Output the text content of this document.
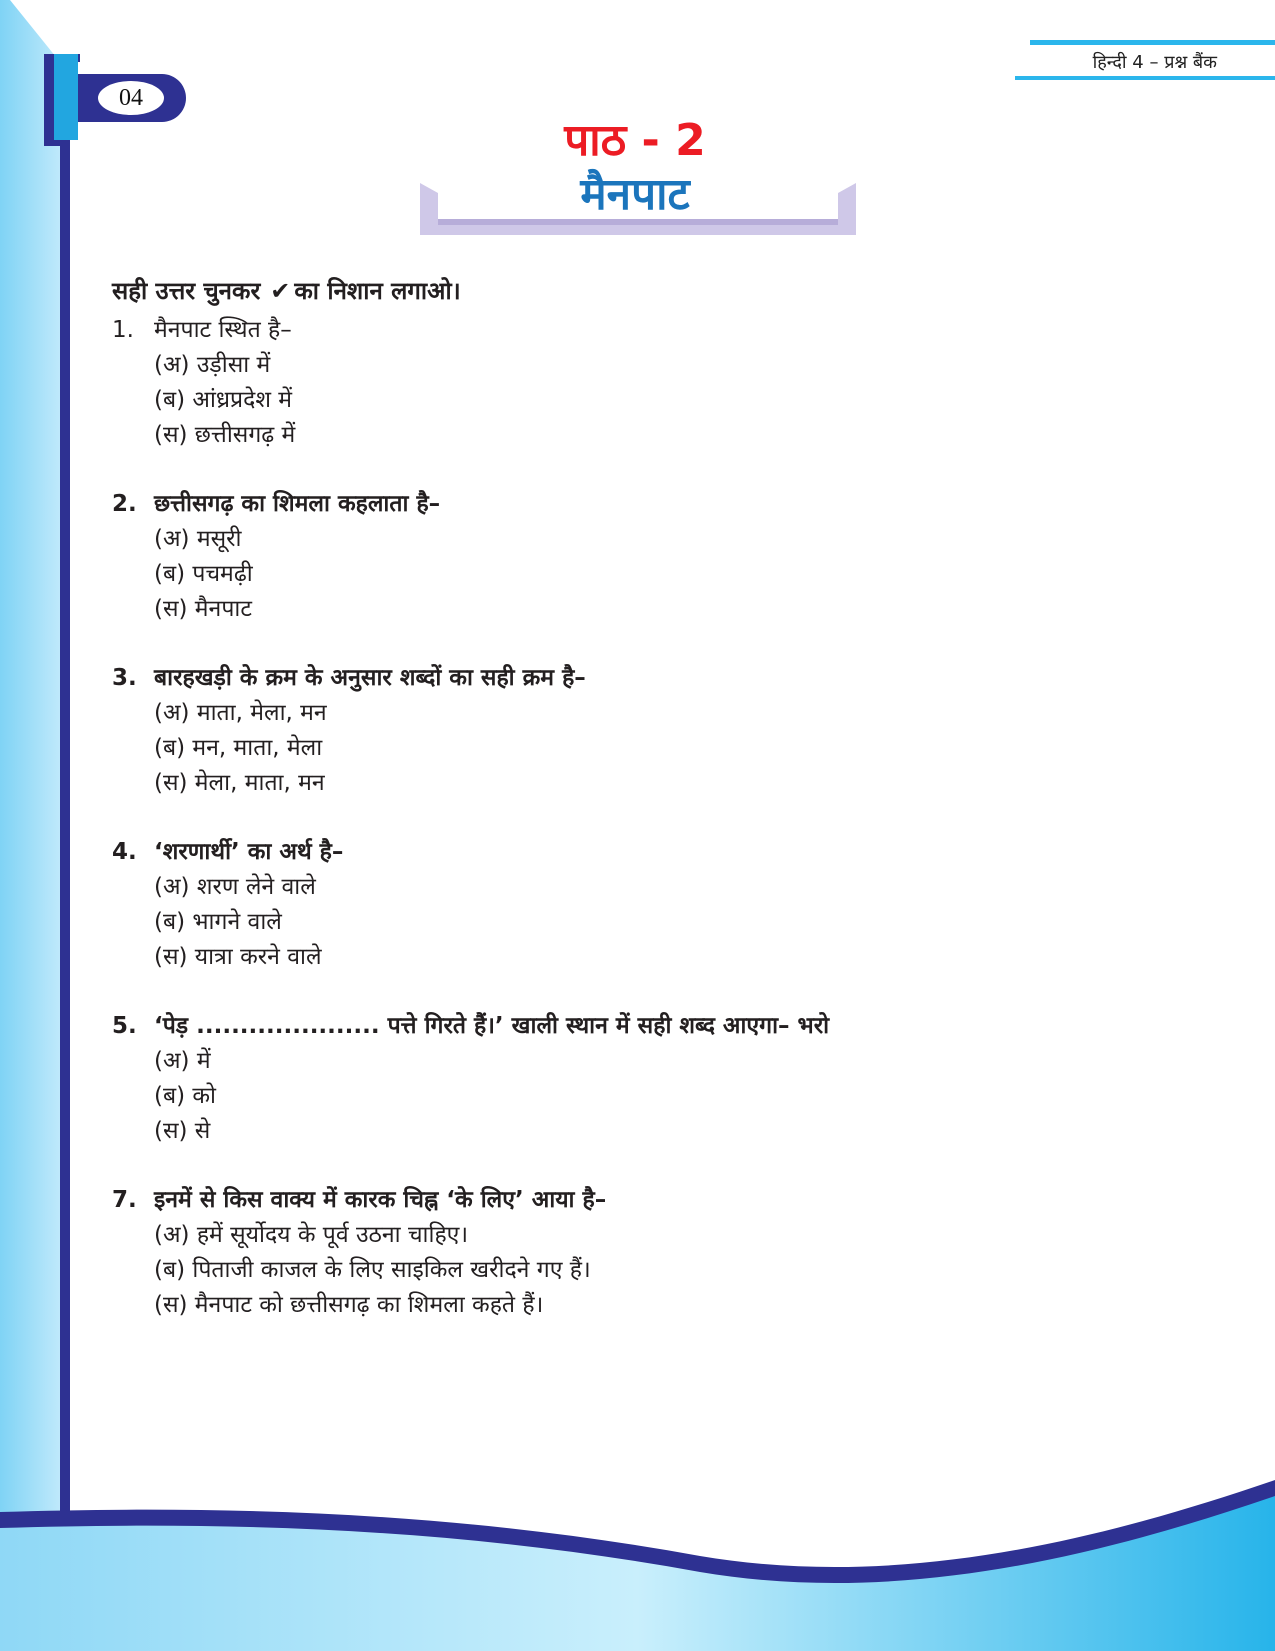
04
हिन्दी 4 – प्रश्न बैंक
पाठ - 2
मैनपाट
सही उत्तर चुनकर ✔ का निशान लगाओ।
1. मैनपाट स्थित है–
(अ) उड़ीसा में
(ब) आंध्रप्रदेश में
(स) छत्तीसगढ़ में
2. छत्तीसगढ़ का शिमला कहलाता है–
(अ) मसूरी
(ब) पचमढ़ी
(स) मैनपाट
3. बारहखड़ी के क्रम के अनुसार शब्दों का सही क्रम है–
(अ) माता, मेला, मन
(ब) मन, माता, मेला
(स) मेला, माता, मन
4. ‘शरणार्थी’ का अर्थ है–
(अ) शरण लेने वाले
(ब) भागने वाले
(स) यात्रा करने वाले
5. ‘पेड़ ..................... पत्ते गिरते हैं।’ खाली स्थान में सही शब्द आएगा– भरो
(अ) में
(ब) को
(स) से
7. इनमें से किस वाक्य में कारक चिह्न ‘के लिए’ आया है–
(अ) हमें सूर्योदय के पूर्व उठना चाहिए।
(ब) पिताजी काजल के लिए साइकिल खरीदने गए हैं।
(स) मैनपाट को छत्तीसगढ़ का शिमला कहते हैं।
